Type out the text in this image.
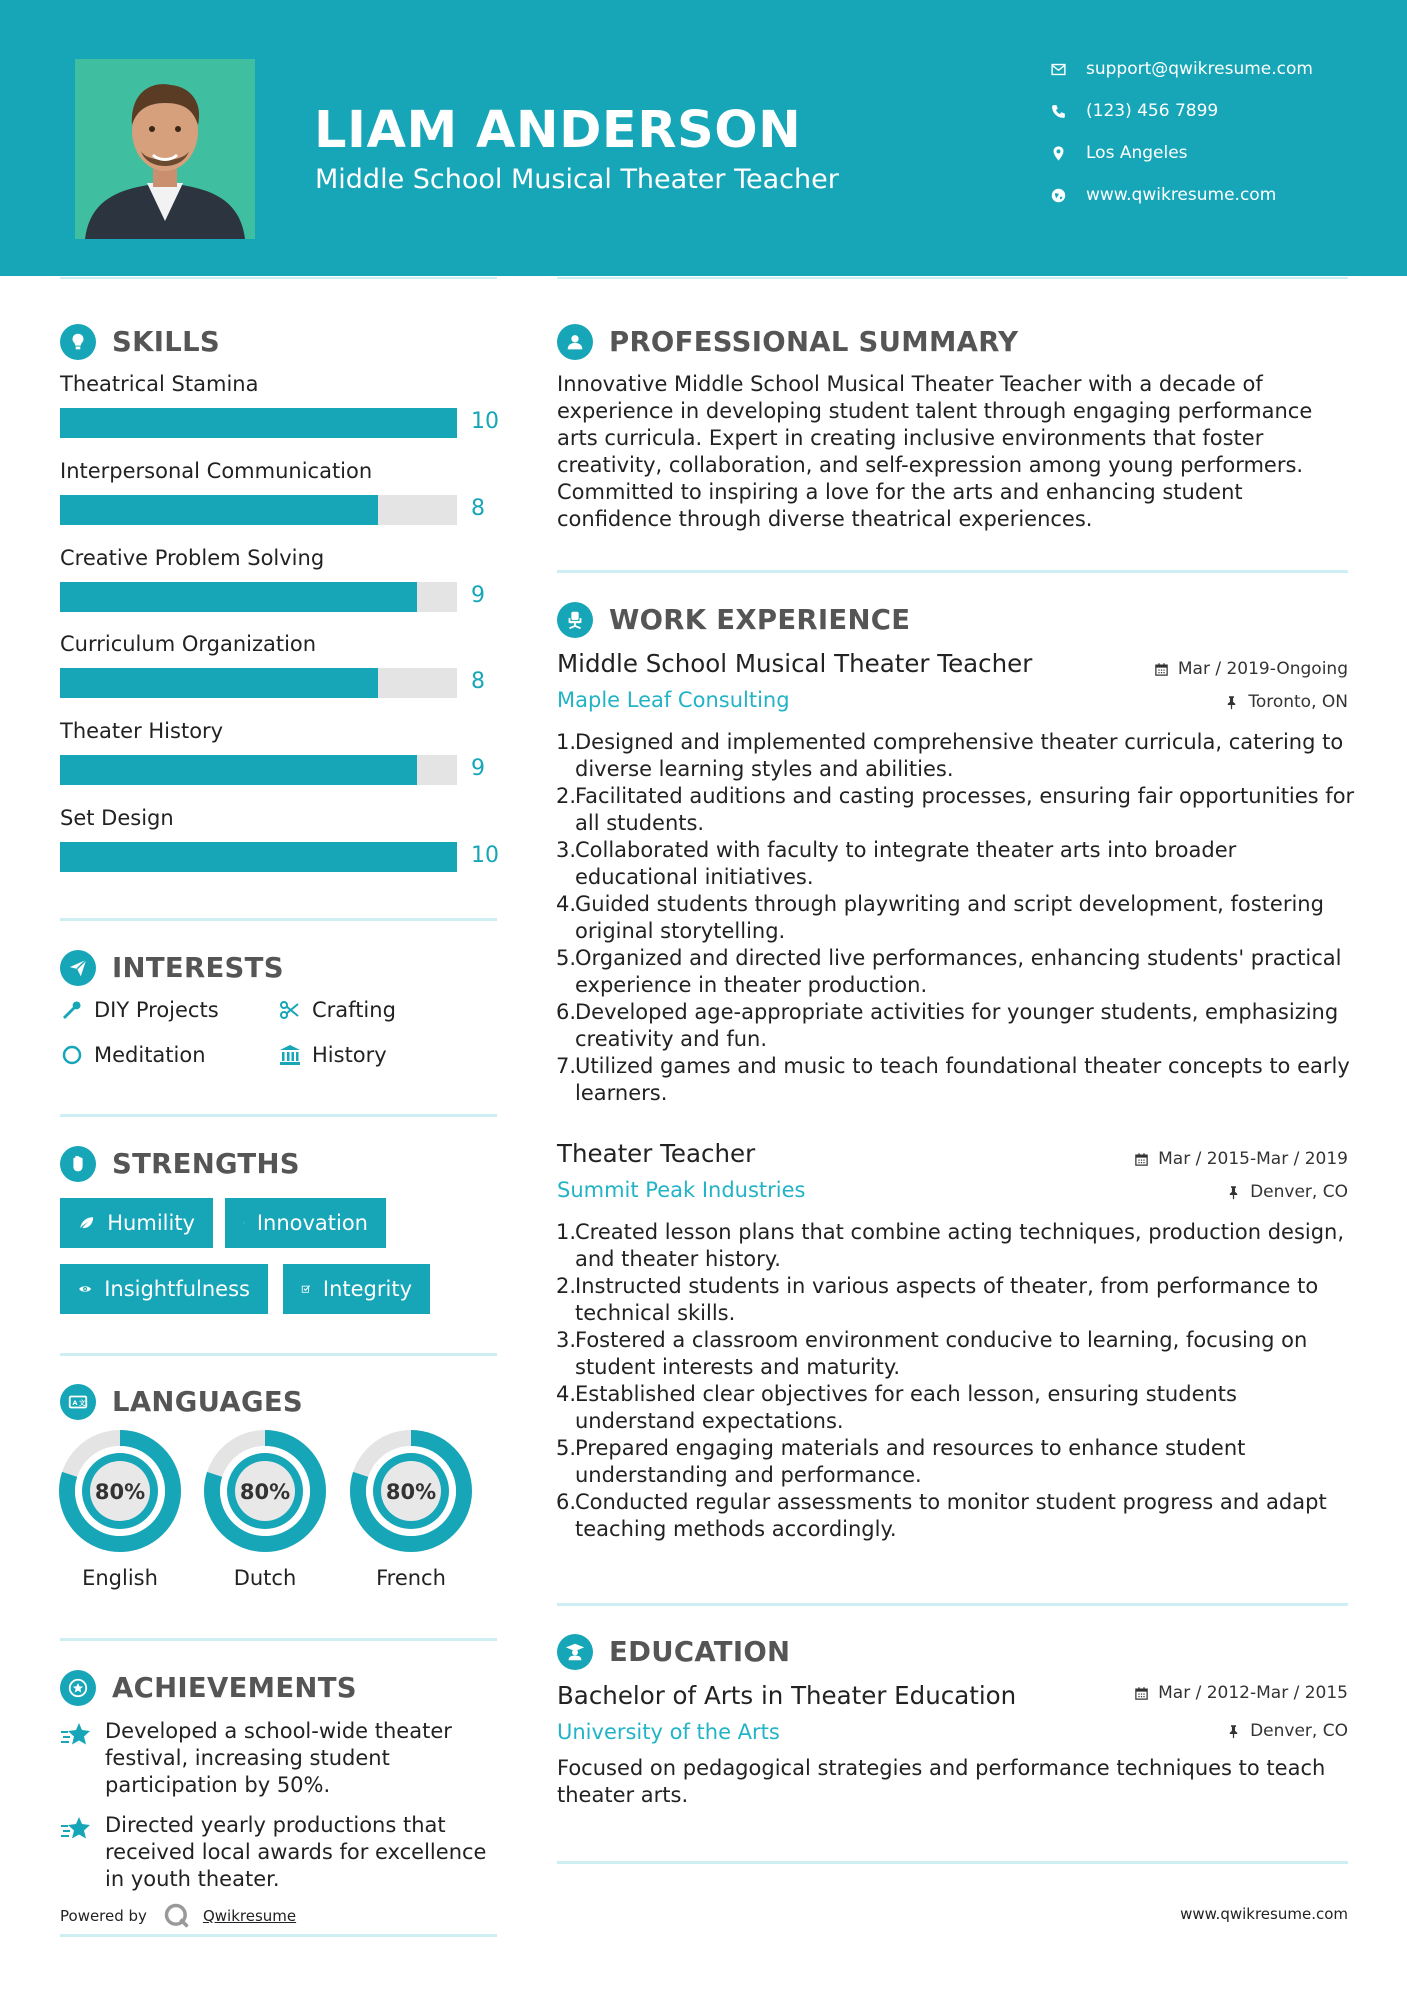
LIAM ANDERSON
Middle School Musical Theater Teacher
support@qwikresume.com
(123) 456 7899
Los Angeles
www.qwikresume.com
SKILLS
Theatrical Stamina
10
Interpersonal Communication
8
Creative Problem Solving
9
Curriculum Organization
8
Theater History
9
Set Design
10
INTERESTS
DIY Projects	Crafting
Meditation	History
STRENGTHS
Humility	Innovation
Insightfulness	Integrity
A 文 LANGUAGES
80%
English
80%
Dutch
80%
French
ACHIEVEMENTS
Developed a school-wide theater festival, increasing student participation by 50%.
Directed yearly productions that received local awards for excellence in youth theater.
PROFESSIONAL SUMMARY
Innovative Middle School Musical Theater Teacher with a decade of experience in developing student talent through engaging performance arts curricula. Expert in creating inclusive environments that foster creativity, collaboration, and self-expression among young performers. Committed to inspiring a love for the arts and enhancing student confidence through diverse theatrical experiences.
WORK EXPERIENCE
Middle School Musical Theater Teacher	Mar / 2019-Ongoing
Maple Leaf Consulting	Toronto, ON
Designed and implemented comprehensive theater curricula, catering to diverse learning styles and abilities.
Facilitated auditions and casting processes, ensuring fair opportunities for all students.
Collaborated with faculty to integrate theater arts into broader educational initiatives.
Guided students through playwriting and script development, fostering original storytelling.
Organized and directed live performances, enhancing students' practical experience in theater production.
Developed age-appropriate activities for younger students, emphasizing creativity and fun.
Utilized games and music to teach foundational theater concepts to early learners.
Theater Teacher	Mar / 2015-Mar / 2019
Summit Peak Industries	Denver, CO
Created lesson plans that combine acting techniques, production design, and theater history.
Instructed students in various aspects of theater, from performance to technical skills.
Fostered a classroom environment conducive to learning, focusing on student interests and maturity.
Established clear objectives for each lesson, ensuring students understand expectations.
Prepared engaging materials and resources to enhance student understanding and performance.
Conducted regular assessments to monitor student progress and adapt teaching methods accordingly.
EDUCATION
Bachelor of Arts in Theater Education	Mar / 2012-Mar / 2015
University of the Arts	Denver, CO
Focused on pedagogical strategies and performance techniques to teach theater arts.
Powered by	Qwikresume	www.qwikresume.com
